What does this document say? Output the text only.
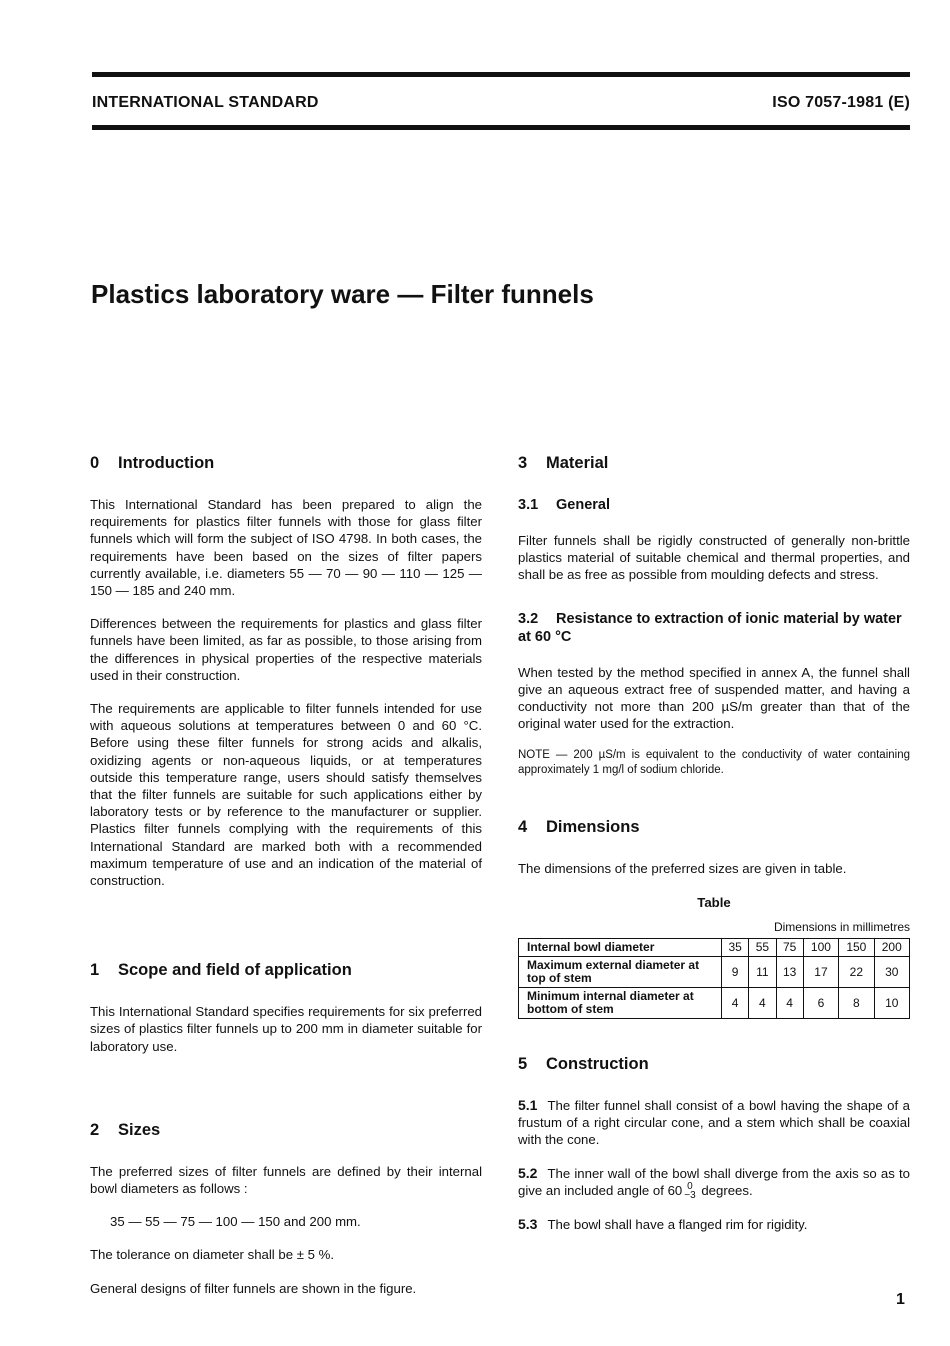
INTERNATIONAL STANDARD	ISO 7057-1981 (E)
Plastics laboratory ware — Filter funnels
0 Introduction

This International Standard has been prepared to align the requirements for plastics filter funnels with those for glass filter funnels which will form the subject of ISO 4798. In both cases, the requirements have been based on the sizes of filter papers currently available, i.e. diameters 55 — 70 — 90 — 110 — 125 — 150 — 185 and 240 mm.

Differences between the requirements for plastics and glass filter funnels have been limited, as far as possible, to those arising from the differences in physical properties of the respective materials used in their construction.

The requirements are applicable to filter funnels intended for use with aqueous solutions at temperatures between 0 and 60 °C. Before using these filter funnels for strong acids and alkalis, oxidizing agents or non-aqueous liquids, or at temperatures outside this temperature range, users should satisfy themselves that the filter funnels are suitable for such applications either by laboratory tests or by reference to the manufacturer or supplier. Plastics filter funnels complying with the requirements of this International Standard are marked both with a recommended maximum temperature of use and an indication of the material of construction.

1 Scope and field of application

This International Standard specifies requirements for six preferred sizes of plastics filter funnels up to 200 mm in diameter suitable for laboratory use.

2 Sizes

The preferred sizes of filter funnels are defined by their internal bowl diameters as follows :

35 — 55 — 75 — 100 — 150 and 200 mm.

The tolerance on diameter shall be ± 5 %.

General designs of filter funnels are shown in the figure.

3 Material
3.1 General

Filter funnels shall be rigidly constructed of generally non-brittle plastics material of suitable chemical and thermal properties, and shall be as free as possible from moulding defects and stress.

3.2 Resistance to extraction of ionic material by water at 60 °C

When tested by the method specified in annex A, the funnel shall give an aqueous extract free of suspended matter, and having a conductivity not more than 200 µS/m greater than that of the original water used for the extraction.

NOTE — 200 µS/m is equivalent to the conductivity of water containing approximately 1 mg/l of sodium chloride.

4 Dimensions

The dimensions of the preferred sizes are given in table.

Table
Dimensions in millimetres
Internal bowl diameter	35	55	75	100	150	200
Maximum external diameter at top of stem	9	11	13	17	22	30
Minimum internal diameter at bottom of stem	4	4	4	6	8	10
5 Construction

5.1 The filter funnel shall consist of a bowl having the shape of a frustum of a right circular cone, and a stem which shall be coaxial with the cone.

5.2 The inner wall of the bowl shall diverge from the axis so as to give an included angle of 60 0
−3 degrees.

5.3 The bowl shall have a flanged rim for rigidity.

1
